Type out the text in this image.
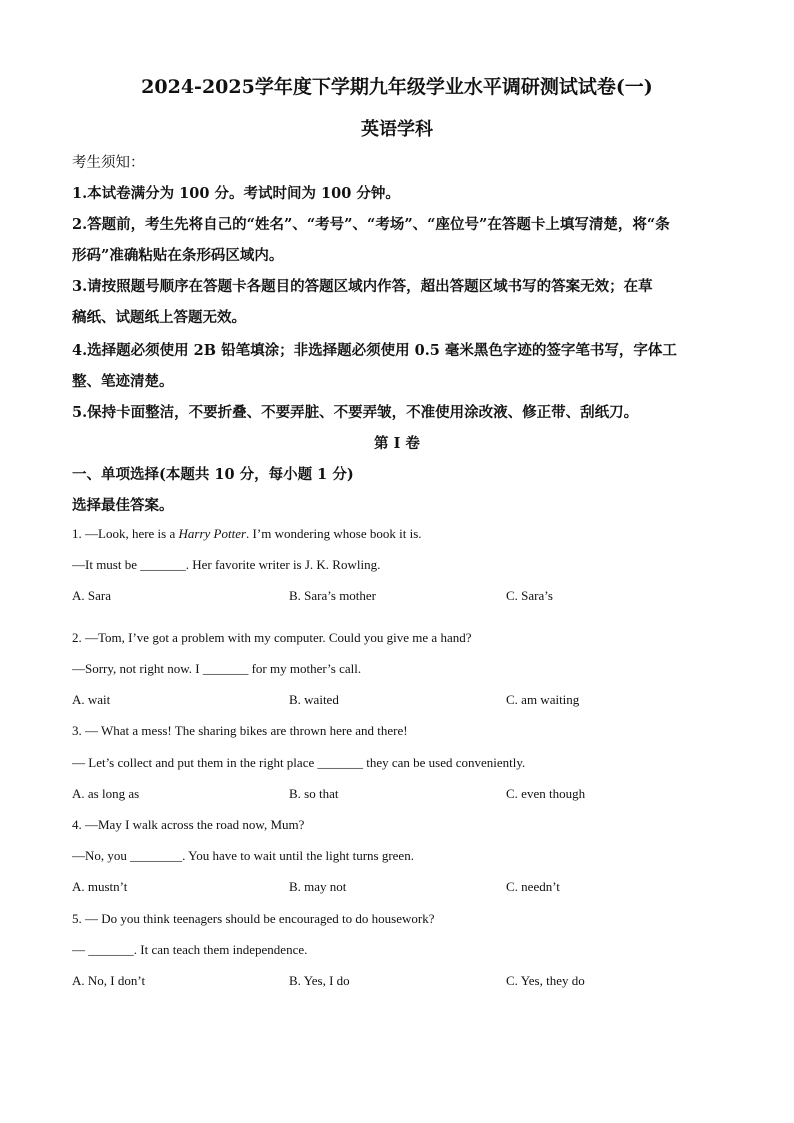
2024-2025学年度下学期九年级学业水平调研测试试卷(一)
英语学科
考生须知：
1.本试卷满分为 100 分。考试时间为 100 分钟。
2.答题前，考生先将自己的“姓名”、“考号”、“考场”、“座位号”在答题卡上填写清楚，将“条
形码”准确粘贴在条形码区域内。
3.请按照题号顺序在答题卡各题目的答题区域内作答，超出答题区域书写的答案无效；在草
稿纸、试题纸上答题无效。
4.选择题必须使用 2B 铅笔填涂；非选择题必须使用 0.5 毫米黑色字迹的签字笔书写，字体工
整、笔迹清楚。
5.保持卡面整洁，不要折叠、不要弄脏、不要弄皱，不准使用涂改液、修正带、刮纸刀。
第 I 卷
一、单项选择(本题共 10 分，每小题 1 分)
选择最佳答案。
1. —Look, here is a Harry Potter. I’m wondering whose book it is.
—It must be _______. Her favorite writer is J. K. Rowling.
A. Sara	B. Sara’s mother	C. Sara’s
2. —Tom, I’ve got a problem with my computer. Could you give me a hand?
—Sorry, not right now. I _______ for my mother’s call.
A. wait	B. waited	C. am waiting
3. — What a mess! The sharing bikes are thrown here and there!
— Let’s collect and put them in the right place _______ they can be used conveniently.
A. as long as	B. so that	C. even though
4. —May I walk across the road now, Mum?
—No, you ________. You have to wait until the light turns green.
A. mustn’t	B. may not	C. needn’t
5. — Do you think teenagers should be encouraged to do housework?
— _______. It can teach them independence.
A. No, I don’t	B. Yes, I do	C. Yes, they do
